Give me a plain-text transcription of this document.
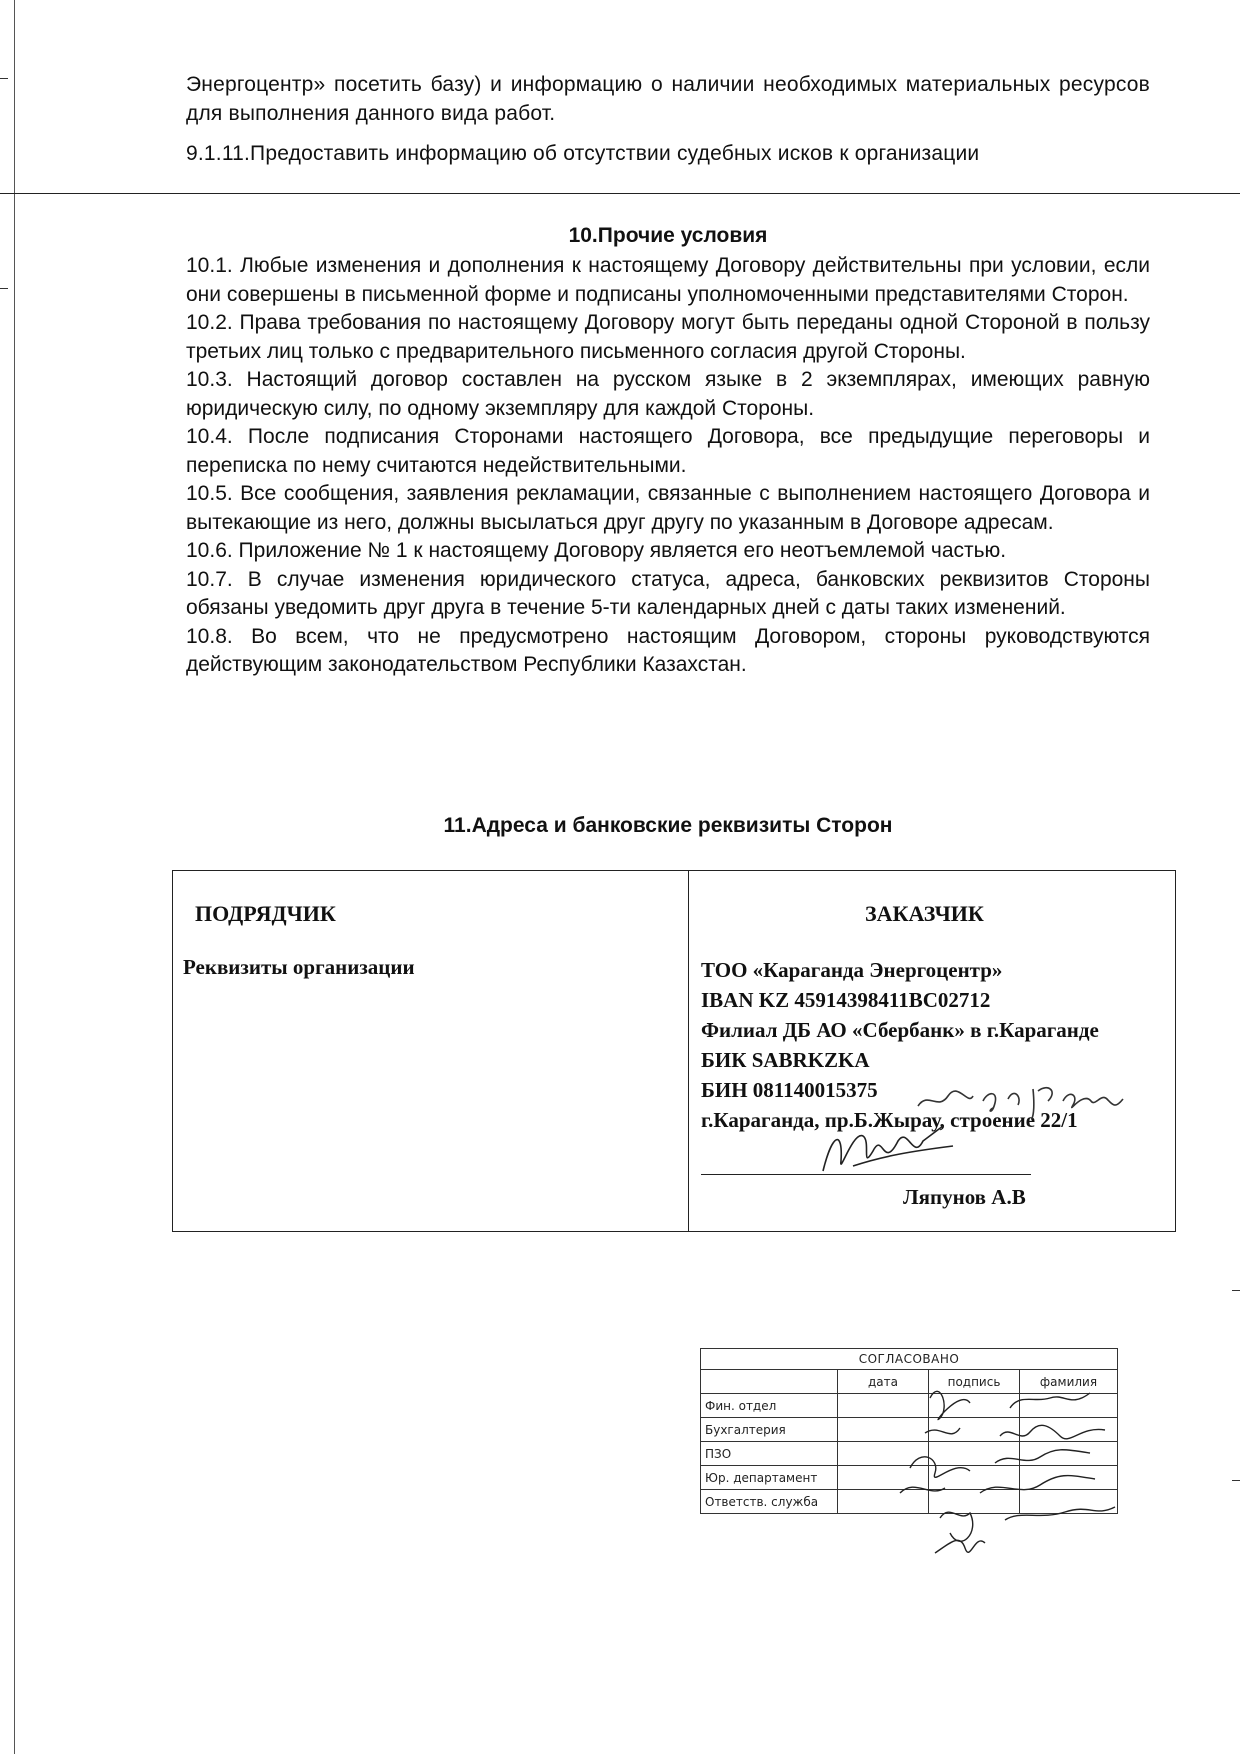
Энергоцентр» посетить базу) и информацию о наличии необходимых материальных ресурсов для выполнения данного вида работ.

9.1.11.Предоставить информацию об отсутствии судебных исков к организации

10.Прочие условия

10.1. Любые изменения и дополнения к настоящему Договору действительны при условии, если они совершены в письменной форме и подписаны уполномоченными представителями Сторон.

10.2. Права требования по настоящему Договору могут быть переданы одной Стороной в пользу третьих лиц только с предварительного письменного согласия другой Стороны.

10.3. Настоящий договор составлен на русском языке в 2 экземплярах, имеющих равную юридическую силу, по одному экземпляру для каждой Стороны.

10.4. После подписания Сторонами настоящего Договора, все предыдущие переговоры и переписка по нему считаются недействительными.

10.5. Все сообщения, заявления рекламации, связанные с выполнением настоящего Договора и вытекающие из него, должны высылаться друг другу по указанным в Договоре адресам.

10.6. Приложение № 1 к настоящему Договору является его неотъемлемой частью.

10.7. В случае изменения юридического статуса, адреса, банковских реквизитов Стороны обязаны уведомить друг друга в течение 5-ти календарных дней с даты таких изменений.

10.8. Во всем, что не предусмотрено настоящим Договором, стороны руководствуются действующим законодательством Республики Казахстан.

11.Адреса и банковские реквизиты Сторон
ПОДРЯДЧИК	ЗАКАЗЧИК
Реквизиты организации	ТОО «Караганда Энергоцентр»
IBAN KZ 45914398411BC02712
Филиал ДБ АО «Сбербанк» в г.Караганде
БИК SABRKZKA
БИН 081140015375
г.Караганда, пр.Б.Жырау, строение 22/1
Ляпунов А.В
СОГЛАСОВАНО			
	дата	подпись	фамилия
Фин. отдел			
Бухгалтерия			
ПЗО			
Юр. департамент			
Ответств. служба			
